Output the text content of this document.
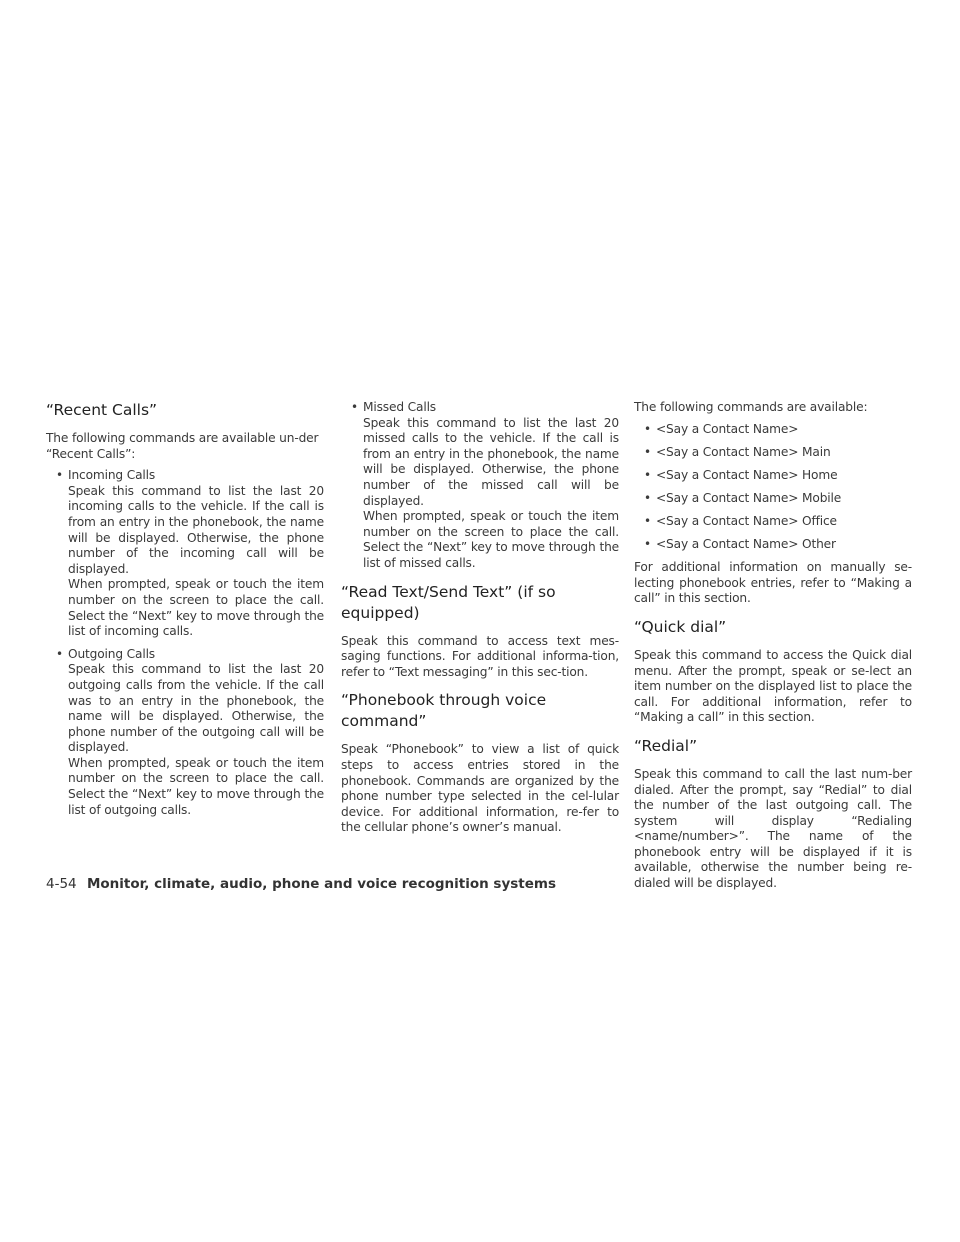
“Recent Calls”

The following commands are available un-der “Recent Calls”:

• Incoming Calls
Speak this command to list the last 20 incoming calls to the vehicle. If the call is from an entry in the phonebook, the name will be displayed. Otherwise, the phone number of the incoming call will be displayed.
When prompted, speak or touch the item number on the screen to place the call. Select the “Next” key to move through the list of incoming calls.
• Outgoing Calls
Speak this command to list the last 20 outgoing calls from the vehicle. If the call was to an entry in the phonebook, the name will be displayed. Otherwise, the phone number of the outgoing call will be displayed.
When prompted, speak or touch the item number on the screen to place the call. Select the “Next” key to move through the list of outgoing calls.
• Missed Calls
Speak this command to list the last 20 missed calls to the vehicle. If the call is from an entry in the phonebook, the name will be displayed. Otherwise, the phone number of the missed call will be displayed.
When prompted, speak or touch the item number on the screen to place the call. Select the “Next” key to move through the list of missed calls.
“Read Text/Send Text” (if so equipped)

Speak this command to access text mes-saging functions. For additional informa-tion, refer to “Text messaging” in this sec-tion.

“Phonebook through voice command”

Speak “Phonebook” to view a list of quick steps to access entries stored in the phonebook. Commands are organized by the phone number type selected in the cel-lular device. For additional information, re-fer to the cellular phone’s owner’s manual.

The following commands are available:

• <Say a Contact Name>
• <Say a Contact Name> Main
• <Say a Contact Name> Home
• <Say a Contact Name> Mobile
• <Say a Contact Name> Office
• <Say a Contact Name> Other

For additional information on manually se-lecting phonebook entries, refer to “Making a call” in this section.

“Quick dial”

Speak this command to access the Quick dial menu. After the prompt, speak or se-lect an item number on the displayed list to place the call. For additional information, refer to “Making a call” in this section.

“Redial”

Speak this command to call the last num-ber dialed. After the prompt, say “Redial” to dial the number of the last outgoing call. The system will display “Redialing <name/number>”. The name of the phonebook entry will be displayed if it is available, otherwise the number being re-dialed will be displayed.

4-54 Monitor, climate, audio, phone and voice recognition systems
